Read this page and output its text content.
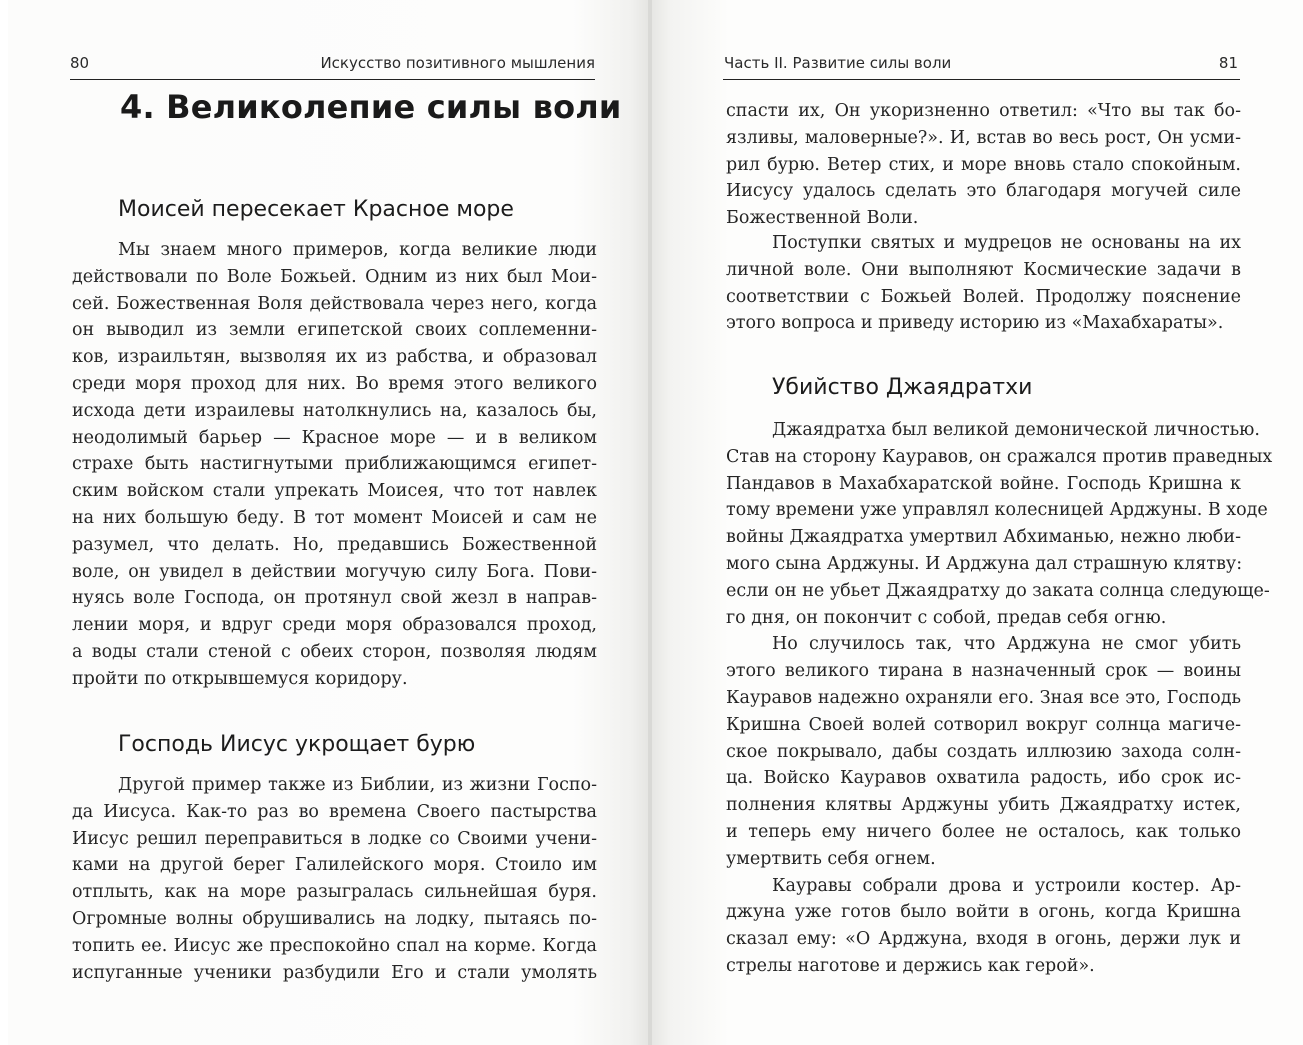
80	Искусство позитивного мышления	Часть II. Развитие силы воли	81
4. Великолепие силы воли
Моисей пересекает Красное море
Мы знаем много примеров, когда великие люди
действовали по Воле Божьей. Одним из них был Мои-
сей. Божественная Воля действовала через него, когда
он выводил из земли египетской своих соплеменни-
ков, израильтян, вызволяя их из рабства, и образовал
среди моря проход для них. Во время этого великого
исхода дети израилевы натолкнулись на, казалось бы,
неодолимый барьер — Красное море — и в великом
страхе быть настигнутыми приближающимся египет-
ским войском стали упрекать Моисея, что тот навлек
на них большую беду. В тот момент Моисей и сам не
разумел, что делать. Но, предавшись Божественной
воле, он увидел в действии могучую силу Бога. Пови-
нуясь воле Господа, он протянул свой жезл в направ-
лении моря, и вдруг среди моря образовался проход,
а воды стали стеной с обеих сторон, позволяя людям
пройти по открывшемуся коридору.
Господь Иисус укрощает бурю
Другой пример также из Библии, из жизни Госпо-
да Иисуса. Как-то раз во времена Своего пастырства
Иисус решил переправиться в лодке со Своими учени-
ками на другой берег Галилейского моря. Стоило им
отплыть, как на море разыгралась сильнейшая буря.
Огромные волны обрушивались на лодку, пытаясь по-
топить ее. Иисус же преспокойно спал на корме. Когда
испуганные ученики разбудили Его и стали умолять
спасти их, Он укоризненно ответил: «Что вы так бо-
язливы, маловерные?». И, встав во весь рост, Он усми-
рил бурю. Ветер стих, и море вновь стало спокойным.
Иисусу удалось сделать это благодаря могучей силе
Божественной Воли.
Поступки святых и мудрецов не основаны на их
личной воле. Они выполняют Космические задачи в
соответствии с Божьей Волей. Продолжу пояснение
этого вопроса и приведу историю из «Махабхараты».
Убийство Джаядратхи
Джаядратха был великой демонической личностью.
Став на сторону Кауравов, он сражался против праведных
Пандавов в Махабхаратской войне. Господь Кришна к
тому времени уже управлял колесницей Арджуны. В ходе
войны Джаядратха умертвил Абхиманью, нежно люби-
мого сына Арджуны. И Арджуна дал страшную клятву:
если он не убьет Джаядратху до заката солнца следующе-
го дня, он покончит с собой, предав себя огню.
Но случилось так, что Арджуна не смог убить
этого великого тирана в назначенный срок — воины
Кауравов надежно охраняли его. Зная все это, Господь
Кришна Своей волей сотворил вокруг солнца магиче-
ское покрывало, дабы создать иллюзию захода солн-
ца. Войско Кауравов охватила радость, ибо срок ис-
полнения клятвы Арджуны убить Джаядратху истек,
и теперь ему ничего более не осталось, как только
умертвить себя огнем.
Кауравы собрали дрова и устроили костер. Ар-
джуна уже готов было войти в огонь, когда Кришна
сказал ему: «О Арджуна, входя в огонь, держи лук и
стрелы наготове и держись как герой».
